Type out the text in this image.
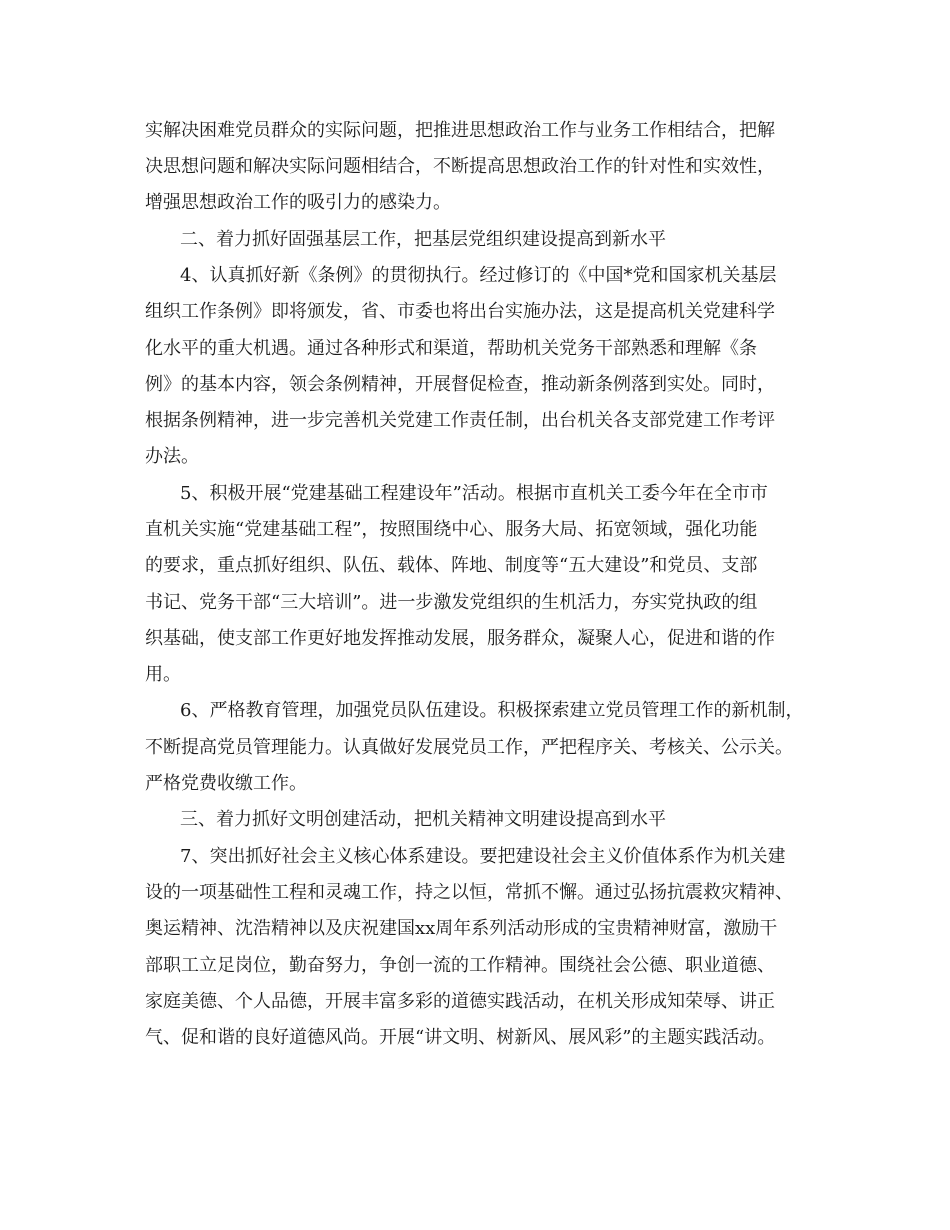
实解决困难党员群众的实际问题，把推进思想政治工作与业务工作相结合，把解
决思想问题和解决实际问题相结合，不断提高思想政治工作的针对性和实效性，
增强思想政治工作的吸引力的感染力。
二、着力抓好固强基层工作，把基层党组织建设提高到新水平
4、认真抓好新《条例》的贯彻执行。经过修订的《中国*党和国家机关基层
组织工作条例》即将颁发，省、市委也将出台实施办法，这是提高机关党建科学
化水平的重大机遇。通过各种形式和渠道，帮助机关党务干部熟悉和理解《条
例》的基本内容，领会条例精神，开展督促检查，推动新条例落到实处。同时，
根据条例精神，进一步完善机关党建工作责任制，出台机关各支部党建工作考评
办法。
5、积极开展“党建基础工程建设年”活动。根据市直机关工委今年在全市市
直机关实施“党建基础工程”，按照围绕中心、服务大局、拓宽领域，强化功能
的要求，重点抓好组织、队伍、载体、阵地、制度等“五大建设”和党员、支部
书记、党务干部“三大培训”。进一步激发党组织的生机活力，夯实党执政的组
织基础，使支部工作更好地发挥推动发展，服务群众，凝聚人心，促进和谐的作
用。
6、严格教育管理，加强党员队伍建设。积极探索建立党员管理工作的新机制，
不断提高党员管理能力。认真做好发展党员工作，严把程序关、考核关、公示关。
严格党费收缴工作。
三、着力抓好文明创建活动，把机关精神文明建设提高到水平
7、突出抓好社会主义核心体系建设。要把建设社会主义价值体系作为机关建
设的一项基础性工程和灵魂工作，持之以恒，常抓不懈。通过弘扬抗震救灾精神、
奥运精神、沈浩精神以及庆祝建国xx周年系列活动形成的宝贵精神财富，激励干
部职工立足岗位，勤奋努力，争创一流的工作精神。围绕社会公德、职业道德、
家庭美德、个人品德，开展丰富多彩的道德实践活动，在机关形成知荣辱、讲正
气、促和谐的良好道德风尚。开展“讲文明、树新风、展风彩”的主题实践活动。
